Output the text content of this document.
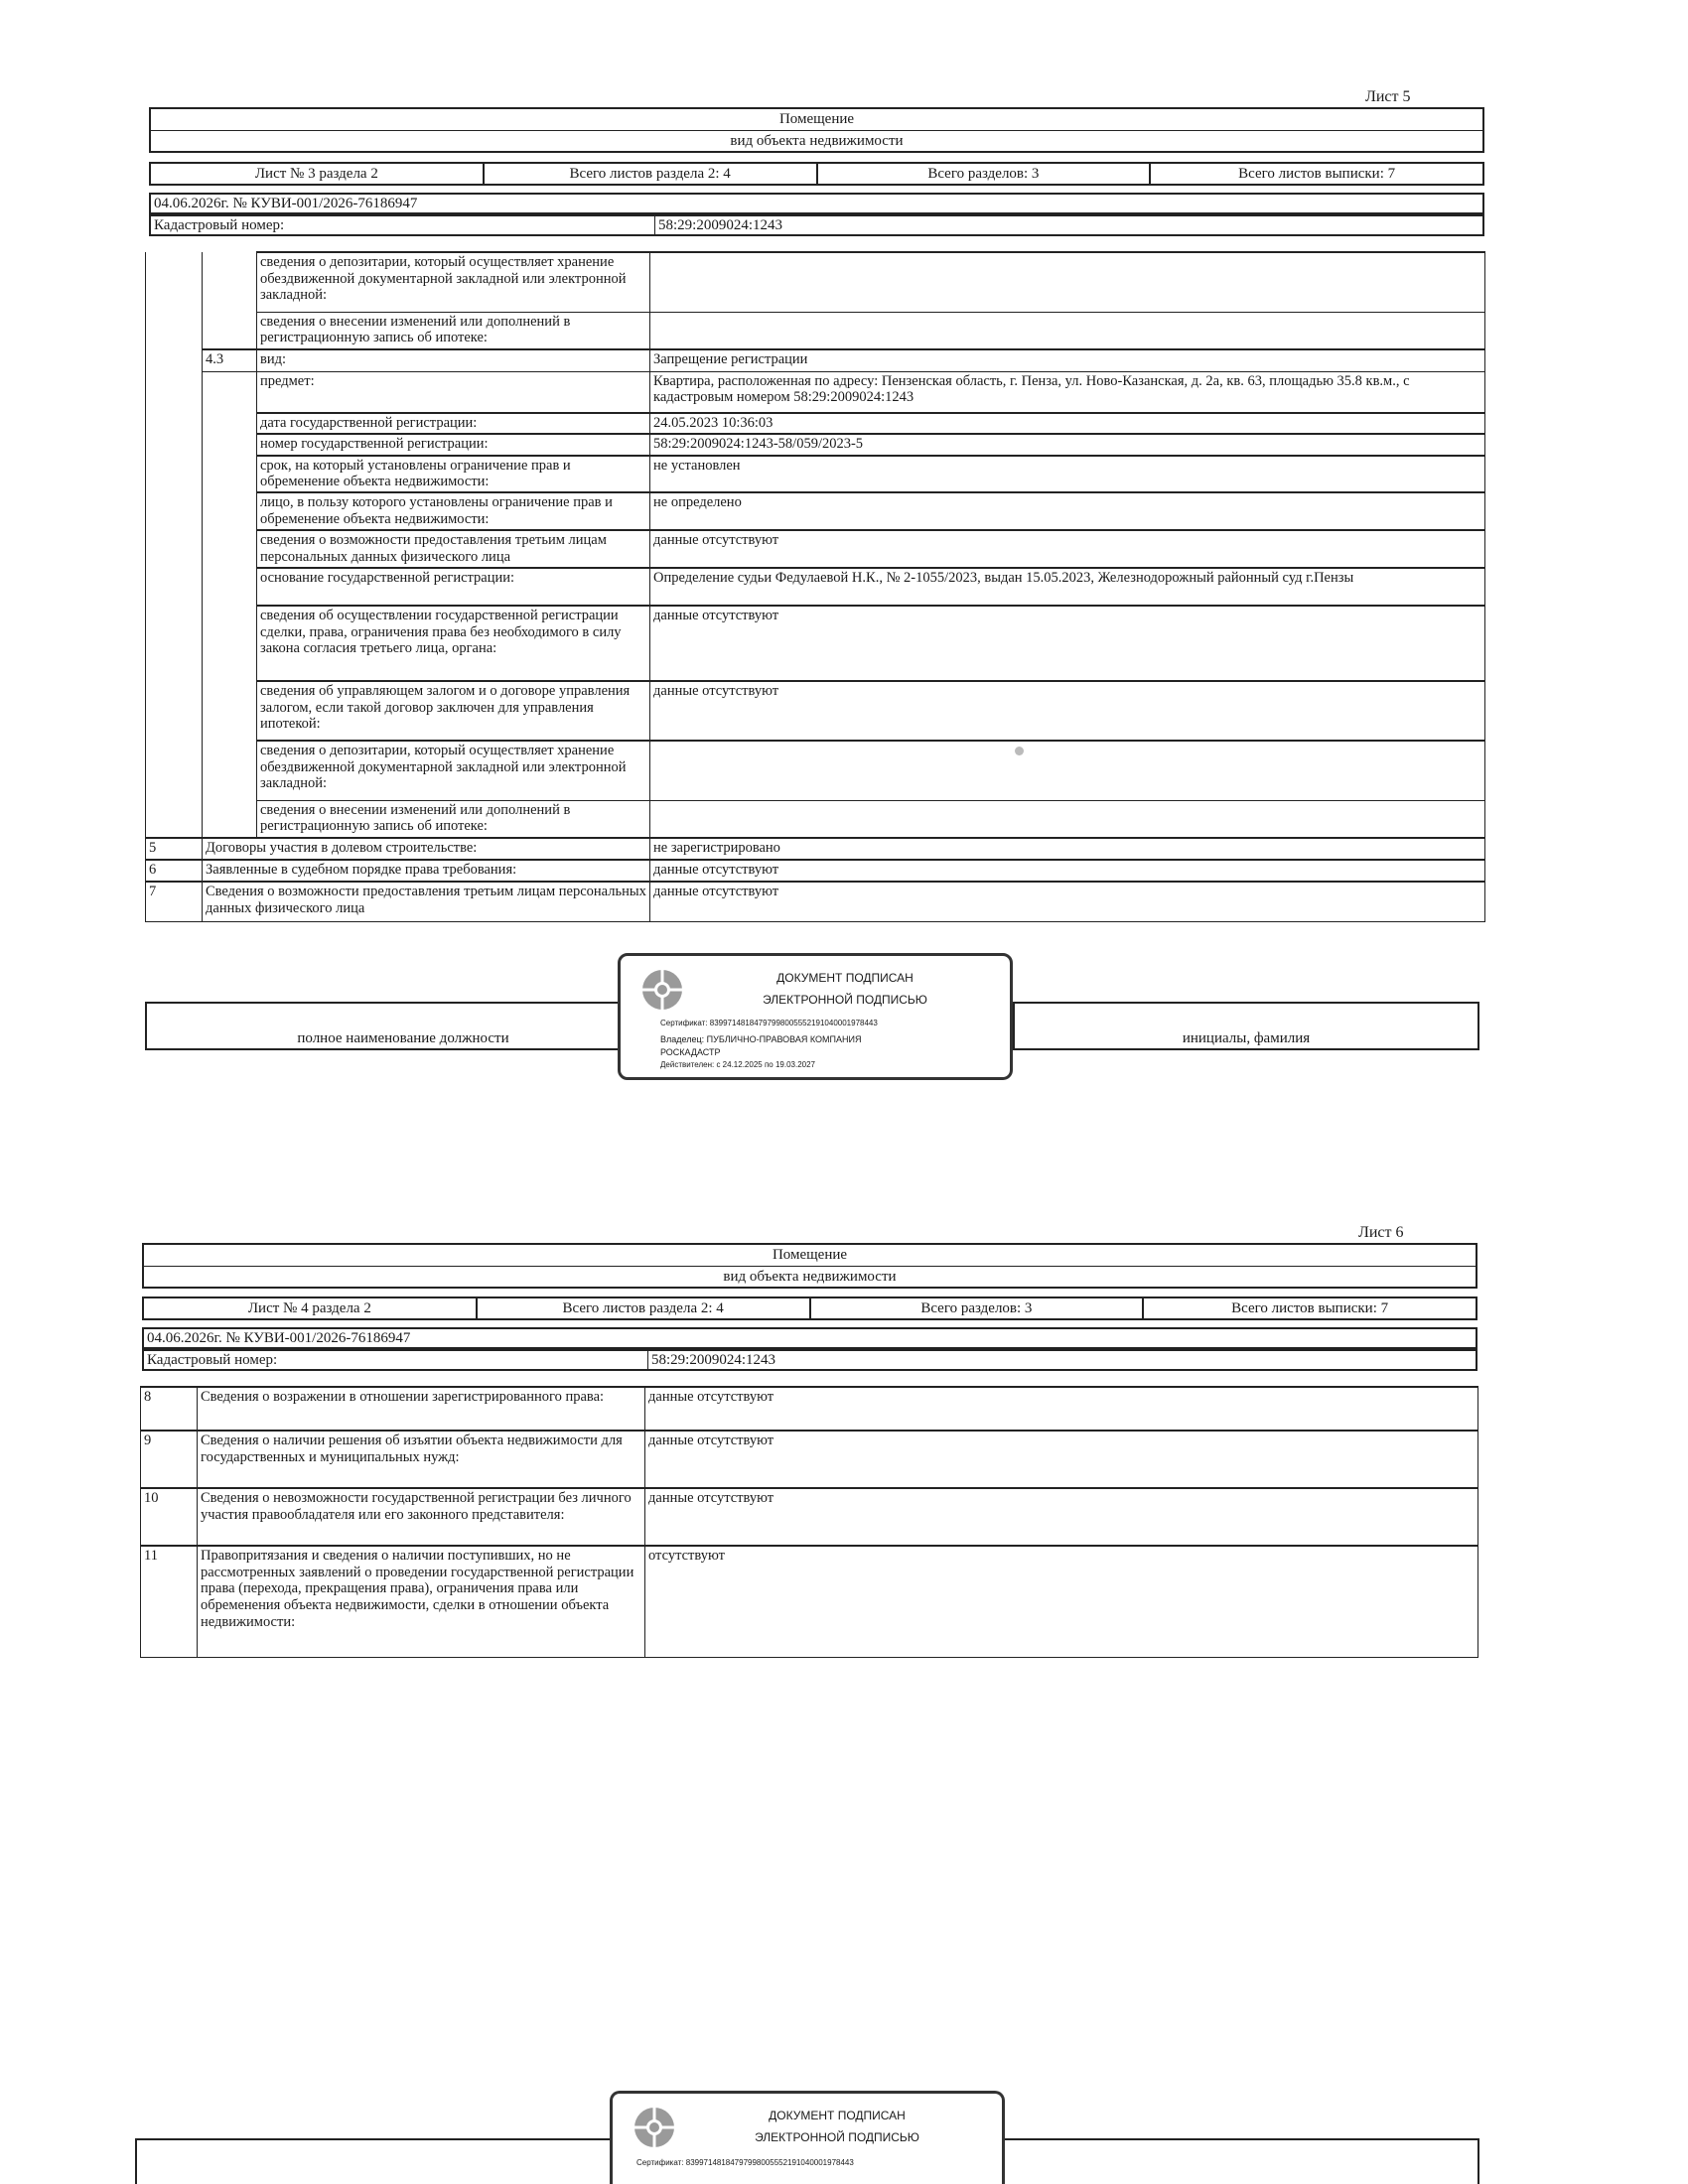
Лист 5
Помещение
вид объекта недвижимости
Лист № 3 раздела 2	Всего листов раздела 2: 4	Всего разделов: 3	Всего листов выписки: 7
04.06.2026г. № КУВИ-001/2026-76186947
Кадастровый номер:	58:29:2009024:1243
		сведения о депозитарии, который осуществляет хранение обездвиженной документарной закладной или электронной закладной:	
		сведения о внесении изменений или дополнений в регистрационную запись об ипотеке:	
	4.3	вид:	Запрещение регистрации
		предмет:	Квартира, расположенная по адресу: Пензенская область, г. Пенза, ул. Ново-Казанская, д. 2а, кв. 63, площадью 35.8 кв.м., с кадастровым номером 58:29:2009024:1243
		дата государственной регистрации:	24.05.2023 10:36:03
		номер государственной регистрации:	58:29:2009024:1243-58/059/2023-5
		срок, на который установлены ограничение прав и обременение объекта недвижимости:	не установлен
		лицо, в пользу которого установлены ограничение прав и обременение объекта недвижимости:	не определено
		сведения о возможности предоставления третьим лицам персональных данных физического лица	данные отсутствуют
		основание государственной регистрации:	Определение судьи Федулаевой Н.К., № 2-1055/2023, выдан 15.05.2023, Железнодорожный районный суд г.Пензы
		сведения об осуществлении государственной регистрации сделки, права, ограничения права без необходимого в силу закона согласия третьего лица, органа:	данные отсутствуют
		сведения об управляющем залогом и о договоре управления залогом, если такой договор заключен для управления ипотекой:	данные отсутствуют
		сведения о депозитарии, который осуществляет хранение обездвиженной документарной закладной или электронной закладной:	
		сведения о внесении изменений или дополнений в регистрационную запись об ипотеке:	
5	Договоры участия в долевом строительстве:		не зарегистрировано
6	Заявленные в судебном порядке права требования:		данные отсутствуют
7	Сведения о возможности предоставления третьим лицам персональных данных физического лица		данные отсутствуют
полное наименование должности	инициалы, фамилия
ДОКУМЕНТ ПОДПИСАН
ЭЛЕКТРОННОЙ ПОДПИСЬЮ
Сертификат: 83997148184797998005552191040001978443
Владелец: ПУБЛИЧНО-ПРАВОВАЯ КОМПАНИЯ
РОСКАДАСТР
Действителен: с 24.12.2025 по 19.03.2027
Лист 6
Помещение
вид объекта недвижимости
Лист № 4 раздела 2	Всего листов раздела 2: 4	Всего разделов: 3	Всего листов выписки: 7
04.06.2026г. № КУВИ-001/2026-76186947
Кадастровый номер:	58:29:2009024:1243
8	Сведения о возражении в отношении зарегистрированного права:	данные отсутствуют
9	Сведения о наличии решения об изъятии объекта недвижимости для государственных и муниципальных нужд:	данные отсутствуют
10	Сведения о невозможности государственной регистрации без личного участия правообладателя или его законного представителя:	данные отсутствуют
11	Правопритязания и сведения о наличии поступивших, но не рассмотренных заявлений о проведении государственной регистрации права (перехода, прекращения права), ограничения права или обременения объекта недвижимости, сделки в отношении объекта недвижимости:	отсутствуют
ДОКУМЕНТ ПОДПИСАН
ЭЛЕКТРОННОЙ ПОДПИСЬЮ
Сертификат: 83997148184797998005552191040001978443
